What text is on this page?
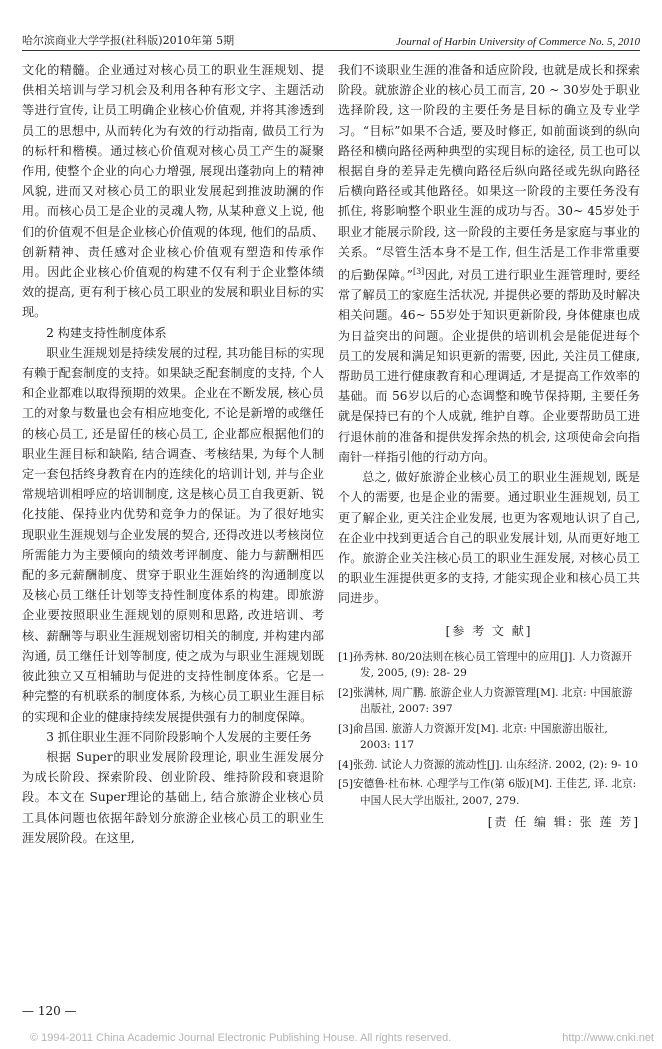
哈尔滨商业大学学报(社科版)2010年第 5期	Journal of Harbin University of Commerce No. 5, 2010

文化的精髓。企业通过对核心员工的职业生涯规划、提供相关培训与学习机会及利用各种有形文字、主题活动等进行宣传, 让员工明确企业核心价值观, 并将其渗透到员工的思想中, 从而转化为有效的行动指南, 做员工行为的标杆和楷模。通过核心价值观对核心员工产生的凝聚作用, 使整个企业的向心力增强, 展现出蓬勃向上的精神风貌, 进而又对核心员工的职业发展起到推波助澜的作用。而核心员工是企业的灵魂人物, 从某种意义上说, 他们的价值观不但是企业核心价值观的体现, 他们的品质、创新精神、责任感对企业核心价值观有塑造和传承作用。因此企业核心价值观的构建不仅有利于企业整体绩效的提高, 更有利于核心员工职业的发展和职业目标的实现。

2 构建支持性制度体系

职业生涯规划是持续发展的过程, 其功能目标的实现有赖于配套制度的支持。如果缺乏配套制度的支持, 个人和企业都难以取得预期的效果。企业在不断发展, 核心员工的对象与数量也会有相应地变化, 不论是新增的或继任的核心员工, 还是留任的核心员工, 企业都应根据他们的职业生涯目标和缺陷, 结合调查、考核结果, 为每个人制定一套包括终身教育在内的连续化的培训计划, 并与企业常规培训相呼应的培训制度, 这是核心员工自我更新、锐化技能、保持业内优势和竞争力的保证。为了很好地实现职业生涯规划与企业发展的契合, 还得改进以考核岗位所需能力为主要倾向的绩效考评制度、能力与薪酬相匹配的多元薪酬制度、贯穿于职业生涯始终的沟通制度以及核心员工继任计划等支持性制度体系的构建。即旅游企业要按照职业生涯规划的原则和思路, 改进培训、考核、薪酬等与职业生涯规划密切相关的制度, 并构建内部沟通, 员工继任计划等制度, 使之成为与职业生涯规划既彼此独立又互相辅助与促进的支持性制度体系。它是一种完整的有机联系的制度体系, 为核心员工职业生涯目标的实现和企业的健康持续发展提供强有力的制度保障。

3 抓住职业生涯不同阶段影响个人发展的主要任务

根据 Super的职业发展阶段理论, 职业生涯发展分为成长阶段、探索阶段、创业阶段、维持阶段和衰退阶段。本文在 Super理论的基础上, 结合旅游企业核心员工具体问题也依据年龄划分旅游企业核心员工的职业生涯发展阶段。在这里,

我们不谈职业生涯的准备和适应阶段, 也就是成长和探索阶段。就旅游企业的核心员工而言, 20 ~ 30岁处于职业选择阶段, 这一阶段的主要任务是目标的确立及专业学习。“目标”如果不合适, 要及时修正, 如前面谈到的纵向路径和横向路径两种典型的实现目标的途径, 员工也可以根据自身的差异走先横向路径后纵向路径或先纵向路径后横向路径或其他路径。如果这一阶段的主要任务没有抓住, 将影响整个职业生涯的成功与否。30~ 45岁处于职业才能展示阶段, 这一阶段的主要任务是家庭与事业的关系。“尽管生活本身不是工作, 但生活是工作非常重要的后勤保障。”[3]因此, 对员工进行职业生涯管理时, 要经常了解员工的家庭生活状况, 并提供必要的帮助及时解决相关问题。46~ 55岁处于知识更新阶段, 身体健康也成为日益突出的问题。企业提供的培训机会是能促进每个员工的发展和满足知识更新的需要, 因此, 关注员工健康, 帮助员工进行健康教育和心理调适, 才是提高工作效率的基础。而 56岁以后的心态调整和晚节保持期, 主要任务就是保持已有的个人成就, 维护自尊。企业要帮助员工进行退休前的准备和提供发挥余热的机会, 这项使命会向指南针一样指引他的行动方向。

总之, 做好旅游企业核心员工的职业生涯规划, 既是个人的需要, 也是企业的需要。通过职业生涯规划, 员工更了解企业, 更关注企业发展, 也更为客观地认识了自己, 在企业中找到更适合自己的职业发展计划, 从而更好地工作。旅游企业关注核心员工的职业生涯发展, 对核心员工的职业生涯提供更多的支持, 才能实现企业和核心员工共同进步。

[参 考 文 献]
[1]孙秀林. 80/20法则在核心员工管理中的应用[J]. 人力资源开发, 2005, (9): 28- 29
[2]张满林, 周广鹏. 旅游企业人力资源管理[M]. 北京: 中国旅游出版社, 2007: 397
[3]俞昌国. 旅游人力资源开发[M]. 北京: 中国旅游出版社, 2003: 117
[4]张劲. 试论人力资源的流动性[J]. 山东经济. 2002, (2): 9- 10
[5]安德鲁·杜布林. 心理学与工作(第 6版)[M]. 王佳艺, 译. 北京: 中国人民大学出版社, 2007, 279.
[责 任 编 辑: 张 莲 芳]
— 120 —
© 1994-2011 China Academic Journal Electronic Publishing House. All rights reserved.	http://www.cnki.net
